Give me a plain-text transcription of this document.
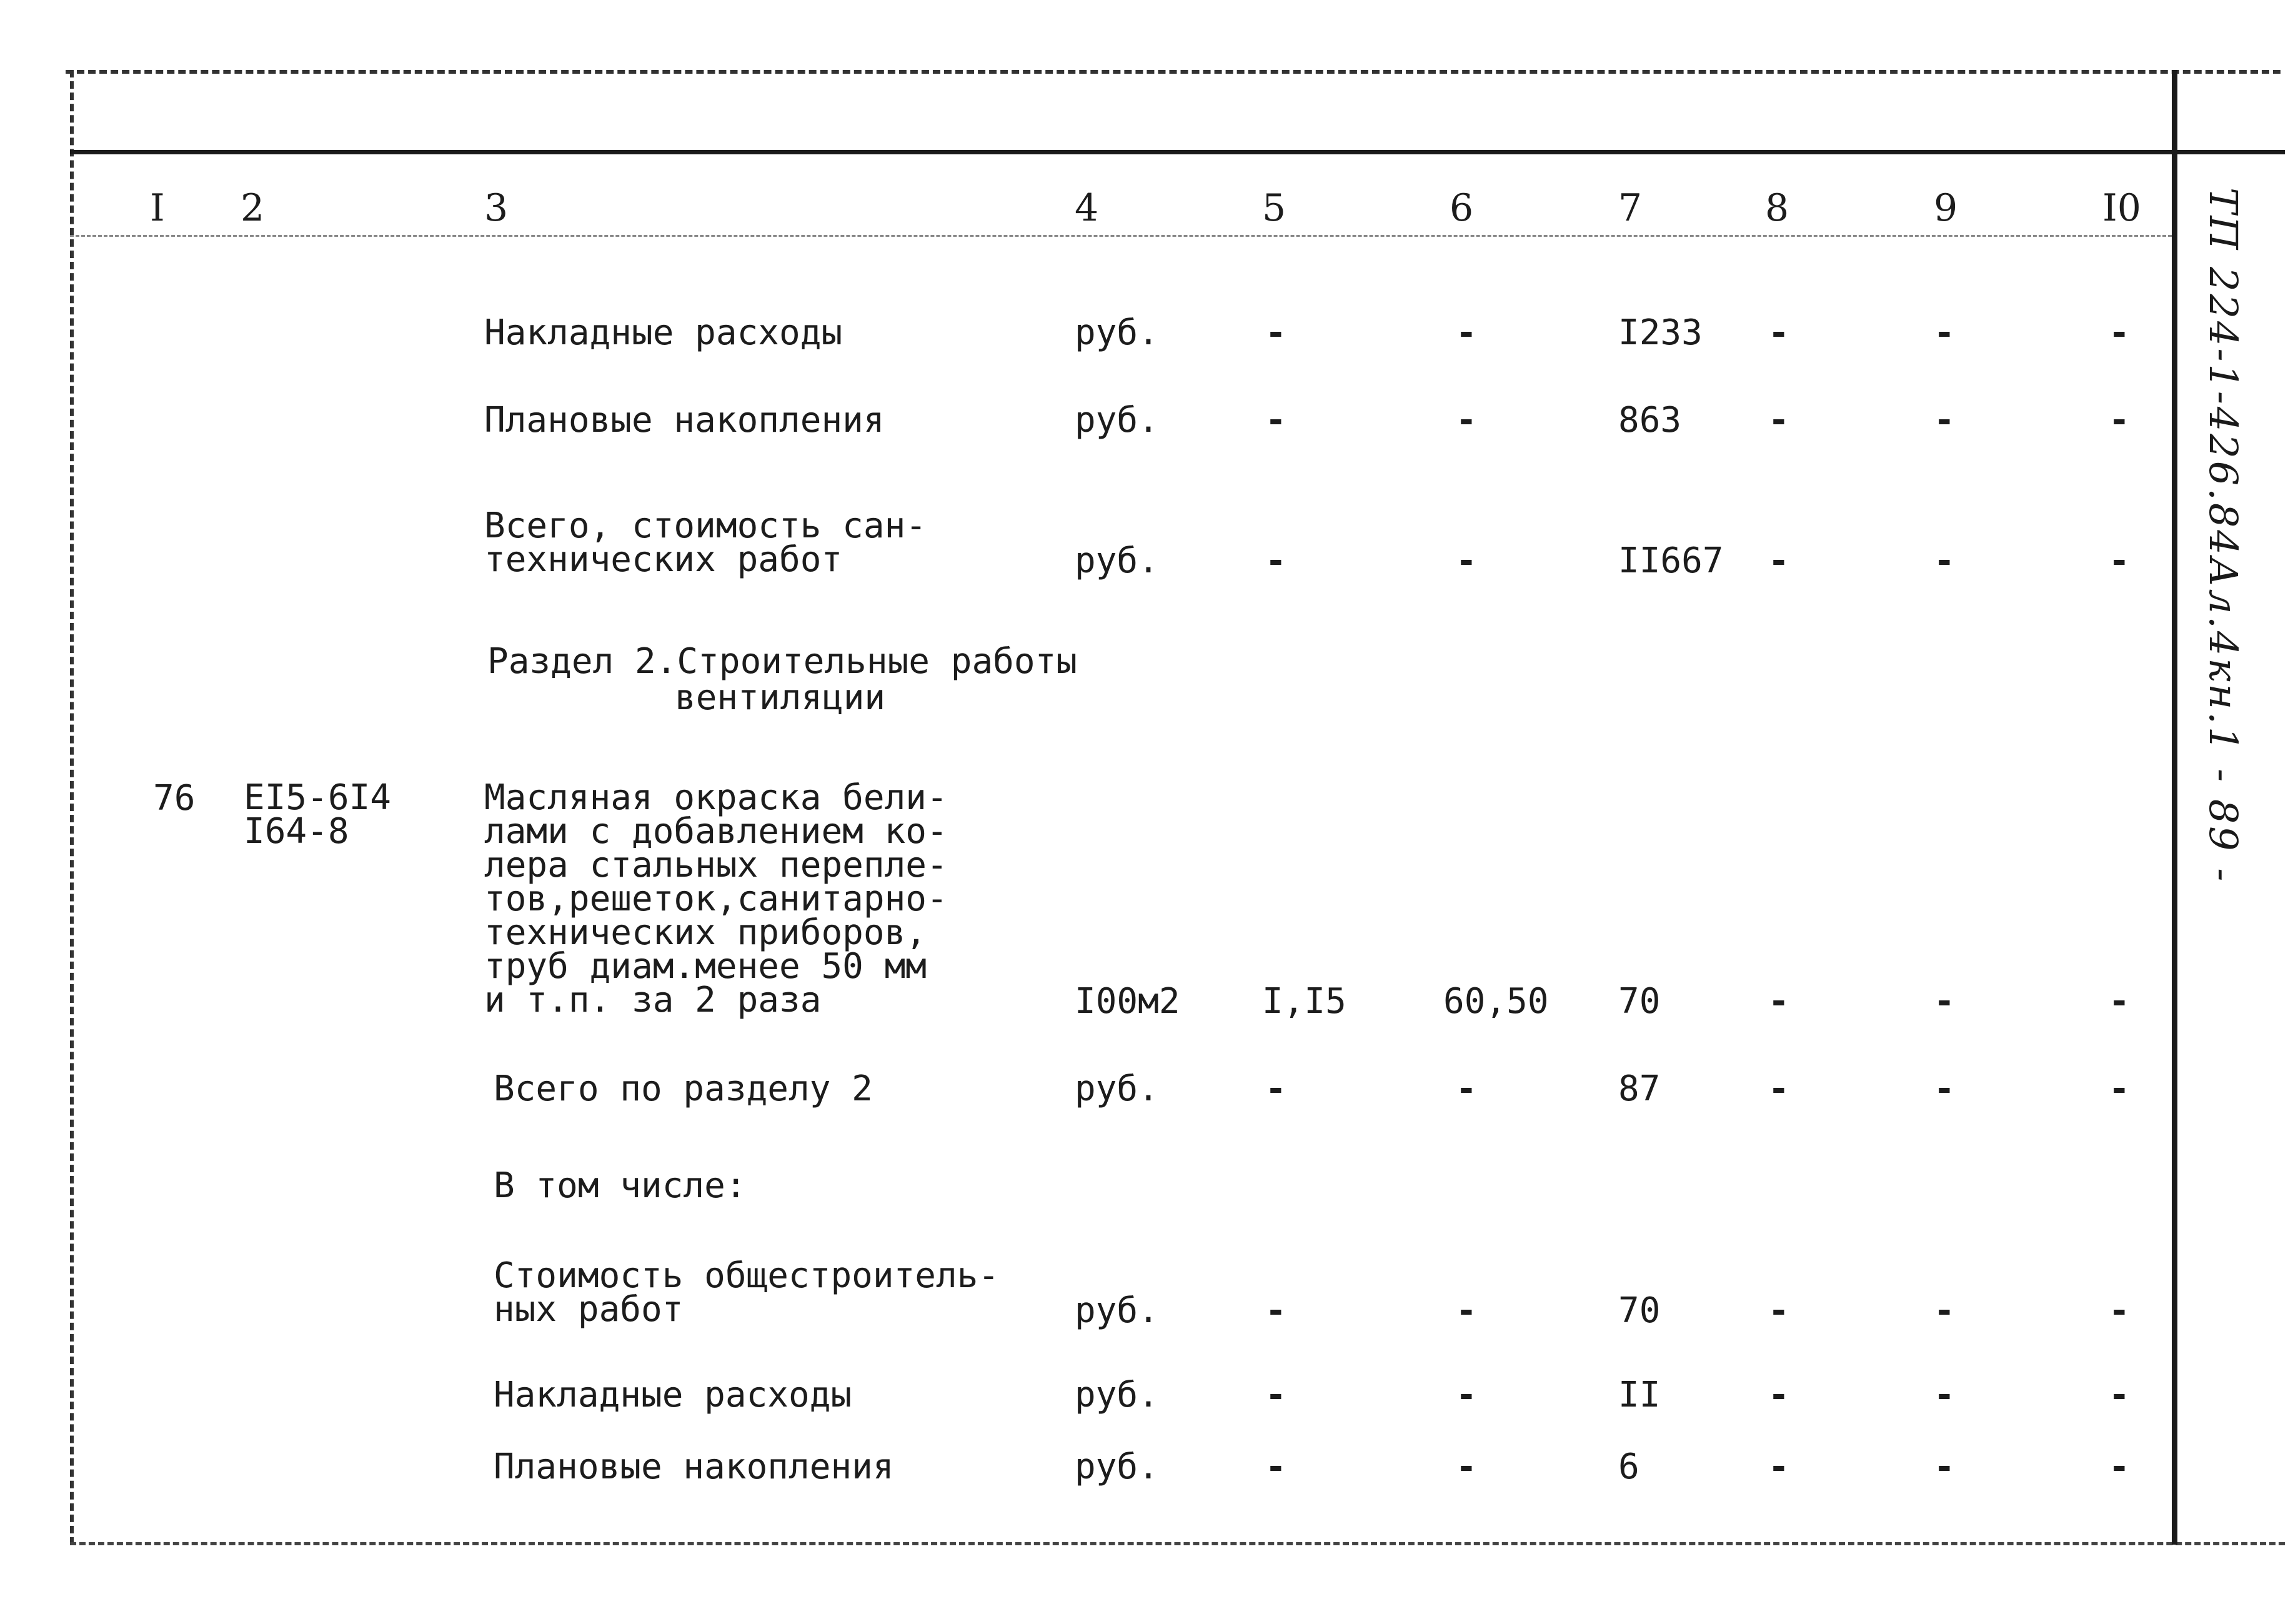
ТП 224-1-426.84Ал.4кн.1 - 89 -
I 2	3	4	5	6	7	8	9	I0
Накладные расходы	руб.	-	-	I233 -	-	-
Плановые накопления	руб.	-	-	863 -	-	-
Всего, стоимость сан-
технических работ	руб.	-	-	II667 -	-	-
Раздел 2.Строительные работы
вентиляции
76 EI5-6I4
I64-8
Масляная окраска бели-
лами с добавлением ко-
лера стальных перепле-
тов,решеток,санитарно-
технических приборов,
труб диам.менее 50 мм
и т.п. за 2 раза	I00м2 I,I5	60,50 70	-	-	-
Всего по разделу 2	руб.	-	-	87	-	-	-
В том числе:
Стоимость общестроитель-
ных работ	руб.	-	-	70	-	-	-
Накладные расходы	руб.	-	-	II	-	-	-
Плановые накопления	руб.	-	-	6	-	-	-
